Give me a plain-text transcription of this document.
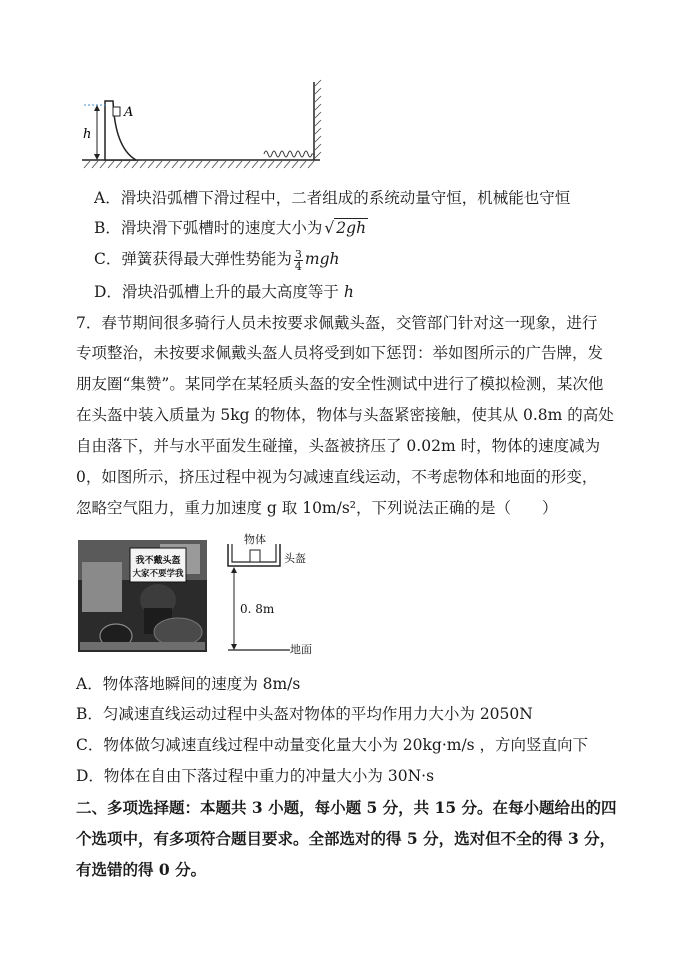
h
A
A．滑块沿弧槽下滑过程中，二者组成的系统动量守恒，机械能也守恒
B．滑块滑下弧槽时的速度大小为 √ 2gh
C．弹簧获得最大弹性势能为 $\frac{3}{4}$ mgh
D．滑块沿弧槽上升的最大高度等于 h
7．春节期间很多骑行人员未按要求佩戴头盔，交管部门针对这一现象，进行
专项整治，未按要求佩戴头盔人员将受到如下惩罚：举如图所示的广告牌，发
朋友圈“集赞”。某同学在某轻质头盔的安全性测试中进行了模拟检测，某次他
在头盔中装入质量为 5kg 的物体，物体与头盔紧密接触，使其从 0.8m 的高处
自由落下，并与水平面发生碰撞，头盔被挤压了 0.02m 时，物体的速度减为
0，如图所示，挤压过程中视为匀减速直线运动，不考虑物体和地面的形变，
忽略空气阻力，重力加速度 g 取 10m/s²，下列说法正确的是（　　）
我不戴头盔
大家不要学我
物体
头盔
0. 8m
地面
A．物体落地瞬间的速度为 8m/s
B．匀减速直线运动过程中头盔对物体的平均作用力大小为 2050N
C．物体做匀减速直线过程中动量变化量大小为 20kg·m/s ，方向竖直向下
D．物体在自由下落过程中重力的冲量大小为 30N·s
二、多项选择题：本题共 3 小题，每小题 5 分，共 15 分。在每小题给出的四
个选项中，有多项符合题目要求。全部选对的得 5 分，选对但不全的得 3 分，
有选错的得 0 分。
